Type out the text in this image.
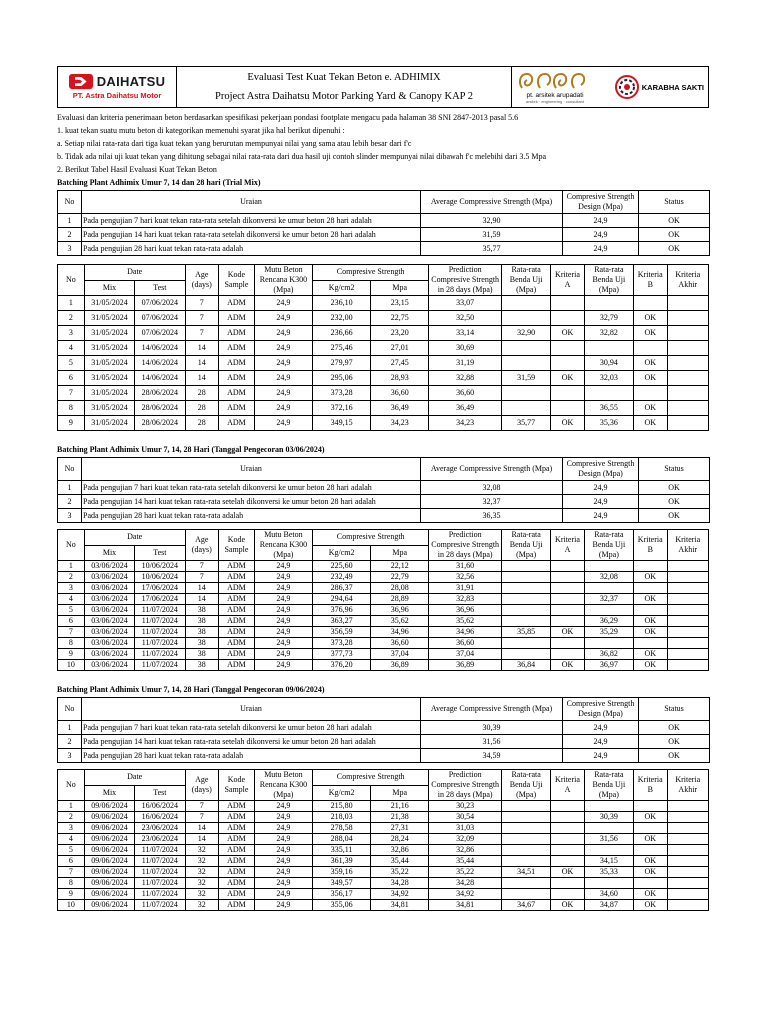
DAIHATSU
PT. Astra Daihatsu Motor
Evaluasi Test Kuat Tekan Beton e. ADHIMIX
Project Astra Daihatsu Motor Parking Yard & Canopy KAP 2	pt. arsitek arupadati
arsitek · engineering · consultant
KARABHA SAKTI

Evaluasi dan kriteria penerimaan beton berdasarkan spesifikasi pekerjaan pondasi footplate mengacu pada halaman 38 SNI 2847-2013 pasal 5.6

1. kuat tekan suatu mutu beton di kategorikan memenuhi syarat jika hal berikut dipenuhi :

a. Setiap nilai rata-rata dari tiga kuat tekan yang berurutan mempunyai nilai yang sama atau lebih besar dari f'c

b. Tidak ada nilai uji kuat tekan yang dihitung sebagai nilai rata-rata dari dua hasil uji contoh slinder mempunyai nilai dibawah f'c melebihi dari 3.5 Mpa

2. Berikut Tabel Hasil Evaluasi Kuat Tekan Beton

Batching Plant Adhimix Umur 7, 14 dan 28 hari (Trial Mix)
No	Uraian	Average Compressive Strength (Mpa)	Compresive Strength Design (Mpa)	Status
1	Pada pengujian 7 hari kuat tekan rata-rata setelah dikonversi ke umur beton 28 hari adalah	32,90	24,9	OK
2	Pada pengujian 14 hari kuat tekan rata-rata setelah dikonversi ke umur beton 28 hari adalah	31,59	24,9	OK
3	Pada pengujian 28 hari kuat tekan rata-rata adalah	35,77	24,9	OK
No	Date		Age (days)	Kode Sample	Mutu Beton Rencana K300 (Mpa)	Compresive Strength		Prediction Compresive Strength in 28 days (Mpa)	Rata-rata Benda Uji (Mpa)	Kriteria A	Rata-rata Benda Uji (Mpa)	Kriteria B	Kriteria Akhir
	Mix	Test				Kg/cm2	Mpa						
1	31/05/2024	07/06/2024	7	ADM	24,9	236,10	23,15	33,07					
2	31/05/2024	07/06/2024	7	ADM	24,9	232,00	22,75	32,50			32,79	OK	
3	31/05/2024	07/06/2024	7	ADM	24,9	236,66	23,20	33,14	32,90	OK	32,82	OK	
4	31/05/2024	14/06/2024	14	ADM	24,9	275,46	27,01	30,69					
5	31/05/2024	14/06/2024	14	ADM	24,9	279,97	27,45	31,19			30,94	OK	
6	31/05/2024	14/06/2024	14	ADM	24,9	295,06	28,93	32,88	31,59	OK	32,03	OK	
7	31/05/2024	28/06/2024	28	ADM	24,9	373,28	36,60	36,60					
8	31/05/2024	28/06/2024	28	ADM	24,9	372,16	36,49	36,49			36,55	OK	
9	31/05/2024	28/06/2024	28	ADM	24,9	349,15	34,23	34,23	35,77	OK	35,36	OK	
Batching Plant Adhimix Umur 7, 14, 28 Hari (Tanggal Pengecoran 03/06/2024)
No	Uraian	Average Compressive Strength (Mpa)	Compresive Strength Design (Mpa)	Status
1	Pada pengujian 7 hari kuat tekan rata-rata setelah dikonversi ke umur beton 28 hari adalah	32,08	24,9	OK
2	Pada pengujian 14 hari kuat tekan rata-rata setelah dikonversi ke umur beton 28 hari adalah	32,37	24,9	OK
3	Pada pengujian 28 hari kuat tekan rata-rata adalah	36,35	24,9	OK
No	Date		Age (days)	Kode Sample	Mutu Beton Rencana K300 (Mpa)	Compresive Strength		Prediction Compresive Strength in 28 days (Mpa)	Rata-rata Benda Uji (Mpa)	Kriteria A	Rata-rata Benda Uji (Mpa)	Kriteria B	Kriteria Akhir
	Mix	Test				Kg/cm2	Mpa						
1	03/06/2024	10/06/2024	7	ADM	24,9	225,60	22,12	31,60					
2	03/06/2024	10/06/2024	7	ADM	24,9	232,49	22,79	32,56			32,08	OK	
3	03/06/2024	17/06/2024	14	ADM	24,9	286,37	28,08	31,91					
4	03/06/2024	17/06/2024	14	ADM	24,9	294,64	28,89	32,83			32,37	OK	
5	03/06/2024	11/07/2024	38	ADM	24,9	376,96	36,96	36,96					
6	03/06/2024	11/07/2024	38	ADM	24,9	363,27	35,62	35,62			36,29	OK	
7	03/06/2024	11/07/2024	38	ADM	24,9	356,59	34,96	34,96	35,85	OK	35,29	OK	
8	03/06/2024	11/07/2024	38	ADM	24,9	373,28	36,60	36,60					
9	03/06/2024	11/07/2024	38	ADM	24,9	377,73	37,04	37,04			36,82	OK	
10	03/06/2024	11/07/2024	38	ADM	24,9	376,20	36,89	36,89	36,84	OK	36,97	OK	
Batching Plant Adhimix Umur 7, 14, 28 Hari (Tanggal Pengecoran 09/06/2024)
No	Uraian	Average Compressive Strength (Mpa)	Compresive Strength Design (Mpa)	Status
1	Pada pengujian 7 hari kuat tekan rata-rata setelah dikonversi ke umur beton 28 hari adalah	30,39	24,9	OK
2	Pada pengujian 14 hari kuat tekan rata-rata setelah dikonversi ke umur beton 28 hari adalah	31,56	24,9	OK
3	Pada pengujian 28 hari kuat tekan rata-rata adalah	34,59	24,9	OK
No	Date		Age (days)	Kode Sample	Mutu Beton Rencana K300 (Mpa)	Compresive Strength		Prediction Compresive Strength in 28 days (Mpa)	Rata-rata Benda Uji (Mpa)	Kriteria A	Rata-rata Benda Uji (Mpa)	Kriteria B	Kriteria Akhir
	Mix	Test				Kg/cm2	Mpa						
1	09/06/2024	16/06/2024	7	ADM	24,9	215,80	21,16	30,23					
2	09/06/2024	16/06/2024	7	ADM	24,9	218,03	21,38	30,54			30,39	OK	
3	09/06/2024	23/06/2024	14	ADM	24,9	278,58	27,31	31,03					
4	09/06/2024	23/06/2024	14	ADM	24,9	288,04	28,24	32,09			31,56	OK	
5	09/06/2024	11/07/2024	32	ADM	24,9	335,11	32,86	32,86					
6	09/06/2024	11/07/2024	32	ADM	24,9	361,39	35,44	35,44			34,15	OK	
7	09/06/2024	11/07/2024	32	ADM	24,9	359,16	35,22	35,22	34,51	OK	35,33	OK	
8	09/06/2024	11/07/2024	32	ADM	24,9	349,57	34,28	34,28					
9	09/06/2024	11/07/2024	32	ADM	24,9	356,17	34,92	34,92			34,60	OK	
10	09/06/2024	11/07/2024	32	ADM	24,9	355,06	34,81	34,81	34,67	OK	34,87	OK	
